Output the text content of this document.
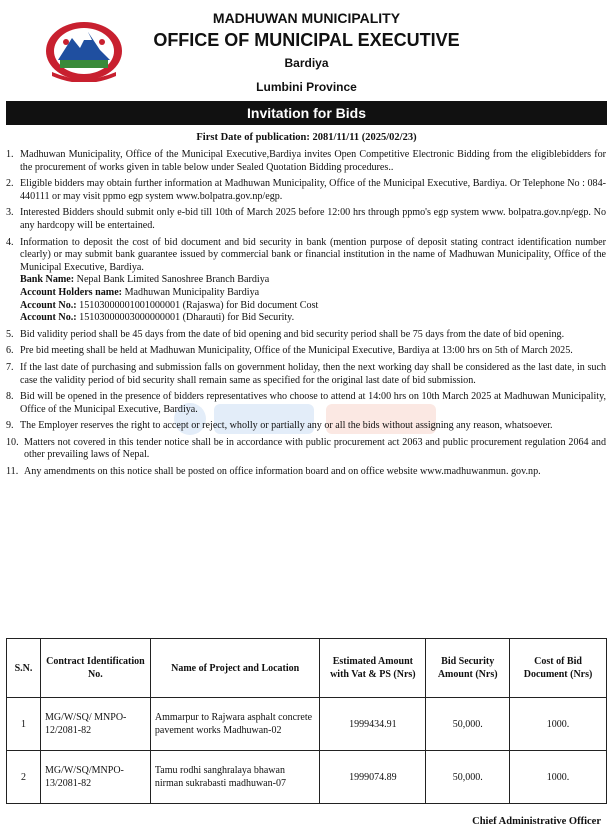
MADHUWAN MUNICIPALITY
OFFICE OF MUNICIPAL EXECUTIVE
Bardiya
Lumbini Province
Invitation for Bids
First Date of publication: 2081/11/11 (2025/02/23)
1. Madhuwan Municipality, Office of the Municipal Executive,Bardiya invites Open Competitive Electronic Bidding from the eligiblebidders for the procurement of works given in table below under Sealed Quotation Bidding procedures..
2. Eligible bidders may obtain further information at Madhuwan Municipality, Office of the Municipal Executive, Bardiya. Or Telephone No : 084-440111 or may visit ppmo egp system www.bolpatra.gov.np/egp.
3. Interested Bidders should submit only e-bid till 10th of March 2025 before 12:00 hrs through ppmo's egp system www. bolpatra.gov.np/egp. No any hardcopy will be entertained.
4. Information to deposit the cost of bid document and bid security in bank (mention purpose of deposit stating contract identification number clearly) or may submit bank guarantee issued by commercial bank or financial institution in the name of Madhuwan Municipality, Office of the Municipal Executive, Bardiya.
Bank Name: Nepal Bank Limited Sanoshree Branch Bardiya
Account Holders name: Madhuwan Municipality Bardiya
Account No.: 15103000001001000001 (Rajaswa) for Bid document Cost
Account No.: 15103000003000000001 (Dharauti) for Bid Security.
5. Bid validity period shall be 45 days from the date of bid opening and bid security period shall be 75 days from the date of bid opening.
6. Pre bid meeting shall be held at Madhuwan Municipality, Office of the Municipal Executive, Bardiya at 13:00 hrs on 5th of March 2025.
7. If the last date of purchasing and submission falls on government holiday, then the next working day shall be considered as the last date, in such case the validity period of bid security shall remain same as specified for the original last date of bid submission.
8. Bid will be opened in the presence of bidders representatives who choose to attend at 14:00 hrs on 10th March 2025 at Madhuwan Municipality, Office of the Municipal Executive, Bardiya.
9. The Employer reserves the right to accept or reject, wholly or partially any or all the bids without assigning any reason, whatsoever.
10. Matters not covered in this tender notice shall be in accordance with public procurement act 2063 and public procurement regulation 2064 and other prevailing laws of Nepal.
11. Any amendments on this notice shall be posted on office information board and on office website www.madhuwanmun. gov.np.
S.N.	Contract Identification No.	Name of Project and Location	Estimated Amount with Vat & PS (Nrs)	Bid Security Amount (Nrs)	Cost of Bid Document (Nrs)
1	MG/W/SQ/ MNPO-12/2081-82	Ammarpur to Rajwara asphalt concrete pavement works Madhuwan-02	1999434.91	50,000.	1000.
2	MG/W/SQ/MNPO-13/2081-82	Tamu rodhi sanghralaya bhawan nirman sukrabasti madhuwan-07	1999074.89	50,000.	1000.
Chief Administrative Officer
